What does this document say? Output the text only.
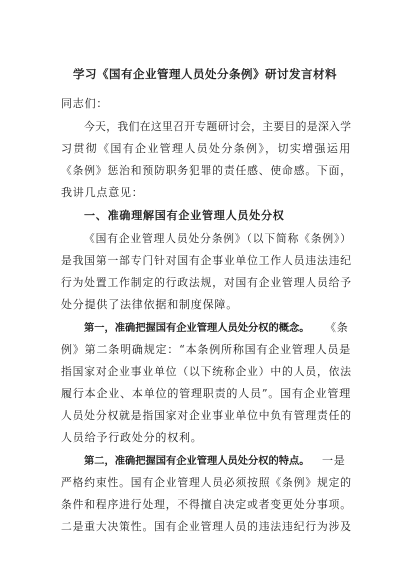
学习《国有企业管理人员处分条例》研讨发言材料
同志们：
今天，我们在这里召开专题研讨会，主要目的是深入学
习贯彻《国有企业管理人员处分条例》，切实增强运用
《条例》惩治和预防职务犯罪的责任感、使命感。下面，
我讲几点意见：
一、准确理解国有企业管理人员处分权
《国有企业管理人员处分条例》（以下简称《条例》）
是我国第一部专门针对国有企事业单位工作人员违法违纪
行为处置工作制定的行政法规，对国有企业管理人员给予
处分提供了法律依据和制度保障。
第一，准确把握国有企业管理人员处分权的概念。 《条
例》第二条明确规定：“本条例所称国有企业管理人员是
指国家对企业事业单位（以下统称企业）中的人员，依法
履行本企业、本单位的管理职责的人员”。国有企业管理
人员处分权就是指国家对企业事业单位中负有管理责任的
人员给予行政处分的权利。
第二，准确把握国有企业管理人员处分权的特点。 一是
严格约束性。国有企业管理人员必须按照《条例》规定的
条件和程序进行处理，不得擅自决定或者变更处分事项。
二是重大决策性。国有企业管理人员的违法违纪行为涉及
